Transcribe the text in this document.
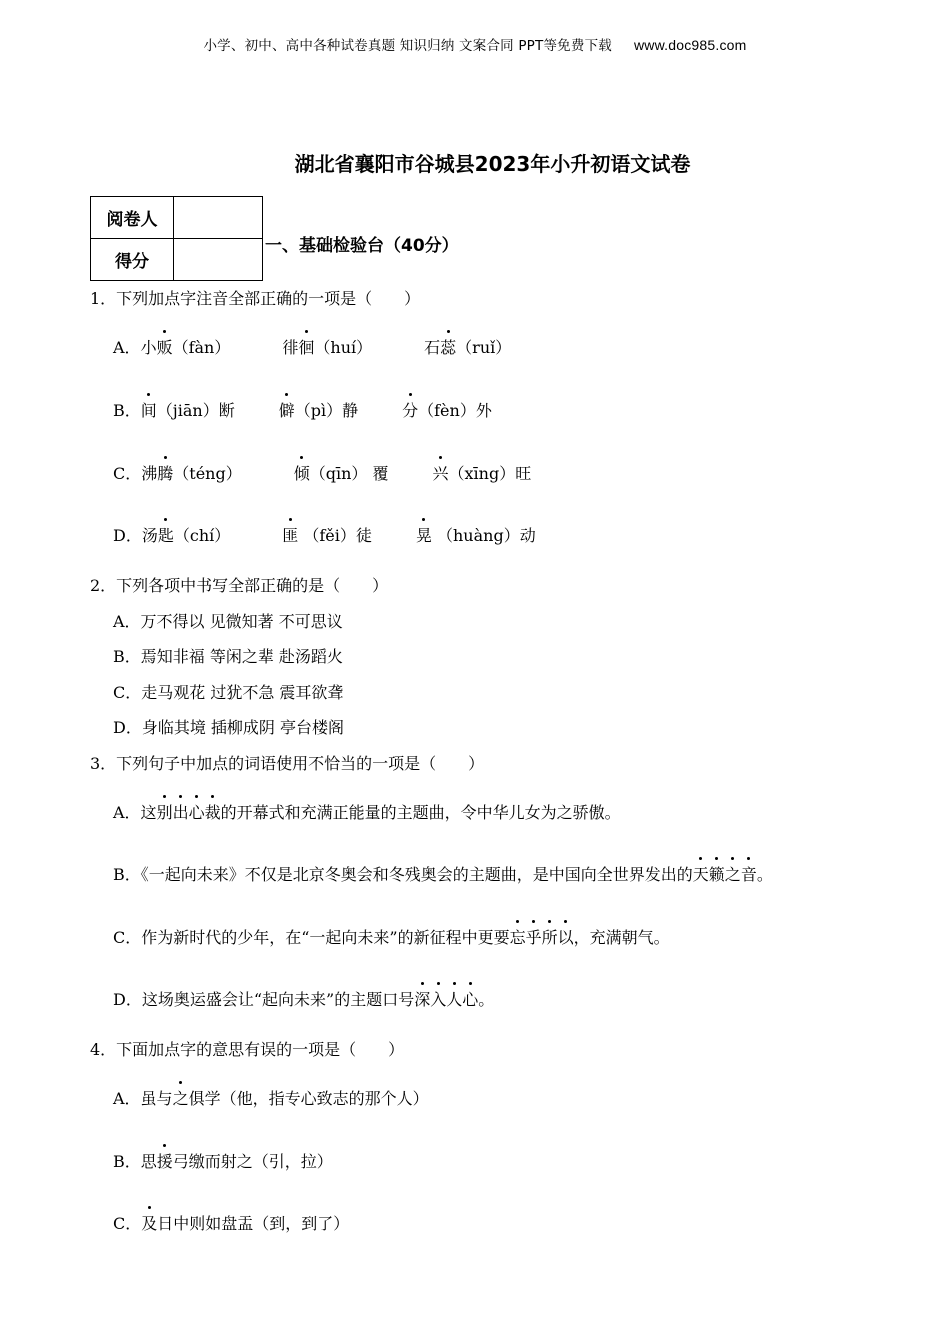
小学、初中、高中各种试卷真题 知识归纳 文案合同 PPT等免费下载 www.doc985.com
湖北省襄阳市谷城县2023年小升初语文试卷
阅卷人	
得分	
一、基础检验台（40分）
1．下列加点字注音全部正确的一项是（　　）
A．小贩（fàn）	徘徊（huí）	石蕊（ruǐ）
B．间（jiān）断	僻（pì）静	分（fèn）外
C．沸腾（téng）	倾（qīn） 覆	兴（xīng）旺
D．汤匙（chí）	匪 （fěi）徒	晃 （huàng）动
2．下列各项中书写全部正确的是（　　）
A．万不得以 见微知著 不可思议
B．焉知非福 等闲之辈 赴汤蹈火
C．走马观花 过犹不急 震耳欲聋
D．身临其境 插柳成阴 亭台楼阁
3．下列句子中加点的词语使用不恰当的一项是（　　）
A．这别出心裁的开幕式和充满正能量的主题曲，令中华儿女为之骄傲。
B．《一起向未来》不仅是北京冬奥会和冬残奥会的主题曲，是中国向全世界发出的天籁之音。
C．作为新时代的少年，在“一起向未来”的新征程中更要忘乎所以，充满朝气。
D．这场奥运盛会让“起向未来”的主题口号深入人心。
4．下面加点字的意思有误的一项是（　　）
A．虽与之俱学（他，指专心致志的那个人）
B．思援弓缴而射之（引，拉）
C．及日中则如盘盂（到，到了）
